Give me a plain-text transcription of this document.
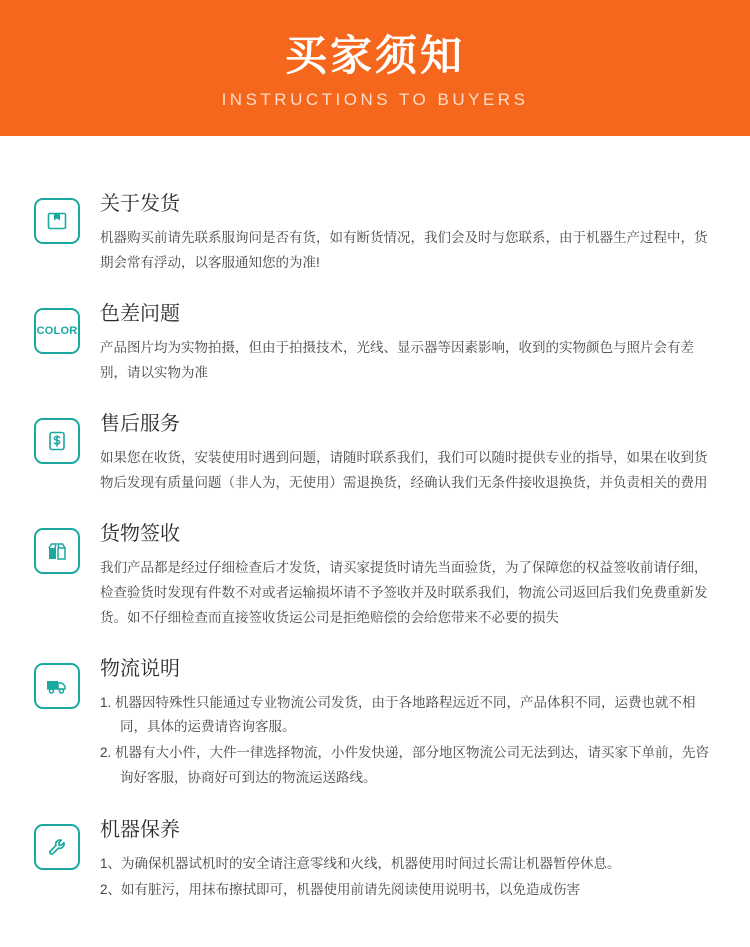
买家须知
INSTRUCTIONS TO BUYERS
关于发货

机器购买前请先联系服询问是否有货，如有断货情况，我们会及时与您联系，由于机器生产过程中，货期会常有浮动，以客服通知您的为准!

COLOR
色差问题

产品图片均为实物拍摄，但由于拍摄技术，光线、显示器等因素影响，收到的实物颜色与照片会有差别，请以实物为准

售后服务

如果您在收货，安装使用时遇到问题，请随时联系我们，我们可以随时提供专业的指导，如果在收到货物后发现有质量问题（非人为，无使用）需退换货，经确认我们无条件接收退换货，并负责相关的费用

货物签收

我们产品都是经过仔细检查后才发货，请买家提货时请先当面验货，为了保障您的权益签收前请仔细，检查验货时发现有件数不对或者运输损坏请不予签收并及时联系我们，物流公司返回后我们免费重新发货。如不仔细检查而直接签收货运公司是拒绝赔偿的会给您带来不必要的损失

物流说明
1. 机器因特殊性只能通过专业物流公司发货，由于各地路程远近不同，产品体积不同，运费也就不相同，具体的运费请咨询客服。
2. 机器有大小件，大件一律选择物流，小件发快递，部分地区物流公司无法到达，请买家下单前，先咨询好客服，协商好可到达的物流运送路线。
机器保养
1、为确保机器试机时的安全请注意零线和火线，机器使用时间过长需让机器暂停休息。
2、如有脏污，用抹布擦拭即可，机器使用前请先阅读使用说明书，以免造成伤害
